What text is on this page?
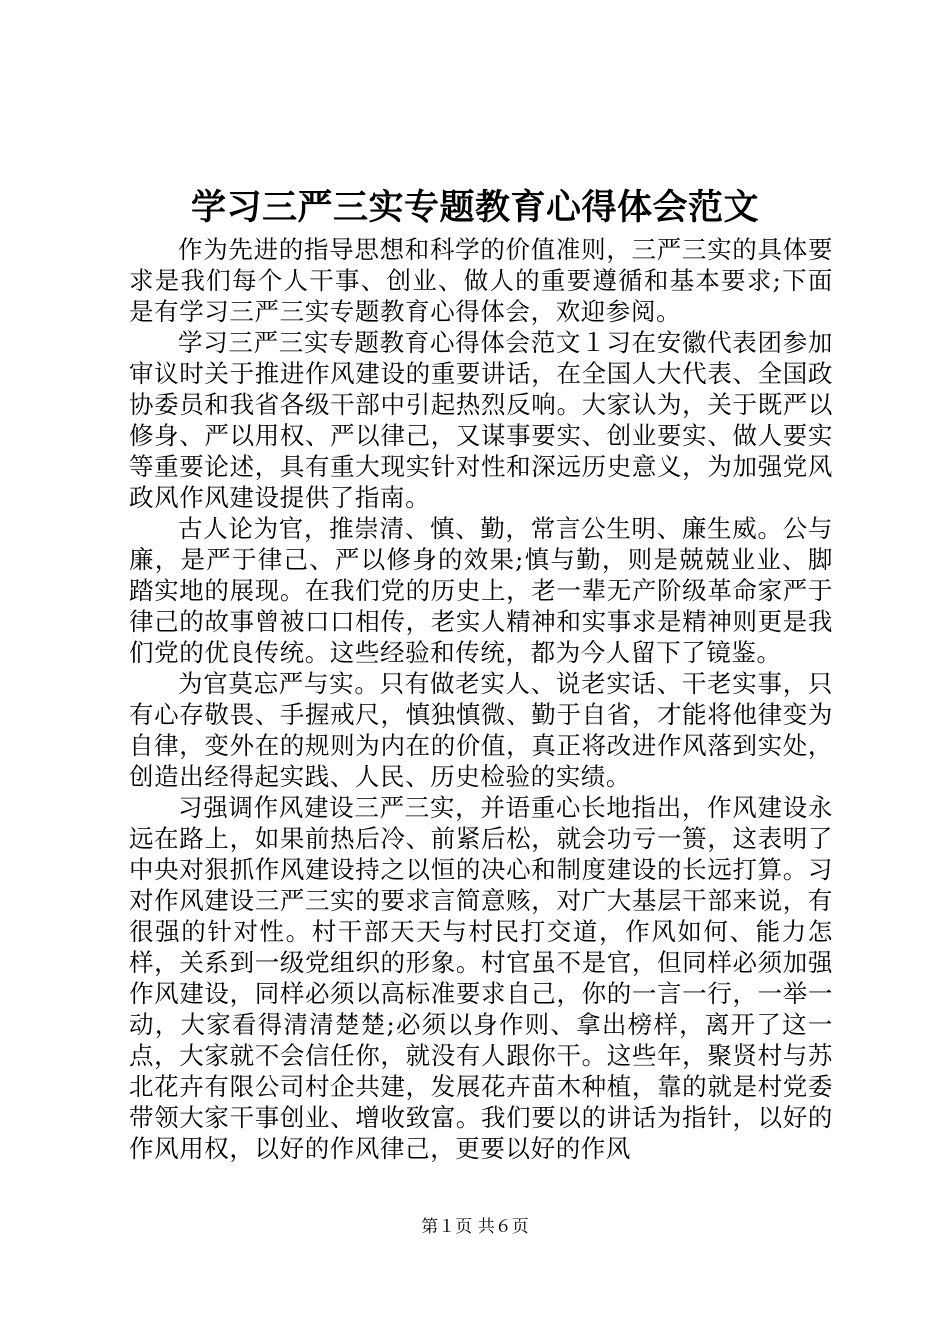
学习三严三实专题教育心得体会范文

作为先进的指导思想和科学的价值准则，三严三实的具体要求是我们每个人干事、创业、做人的重要遵循和基本要求;下面是有学习三严三实专题教育心得体会，欢迎参阅。

学习三严三实专题教育心得体会范文１习在安徽代表团参加审议时关于推进作风建设的重要讲话，在全国人大代表、全国政协委员和我省各级干部中引起热烈反响。大家认为，关于既严以修身、严以用权、严以律己，又谋事要实、创业要实、做人要实等重要论述，具有重大现实针对性和深远历史意义，为加强党风政风作风建设提供了指南。

古人论为官，推崇清、慎、勤，常言公生明、廉生威。公与廉，是严于律己、严以修身的效果;慎与勤，则是兢兢业业、脚踏实地的展现。在我们党的历史上，老一辈无产阶级革命家严于律己的故事曾被口口相传，老实人精神和实事求是精神则更是我们党的优良传统。这些经验和传统，都为今人留下了镜鉴。

为官莫忘严与实。只有做老实人、说老实话、干老实事，只有心存敬畏、手握戒尺，慎独慎微、勤于自省，才能将他律变为自律，变外在的规则为内在的价值，真正将改进作风落到实处，创造出经得起实践、人民、历史检验的实绩。

习强调作风建设三严三实，并语重心长地指出，作风建设永远在路上，如果前热后冷、前紧后松，就会功亏一篑，这表明了中央对狠抓作风建设持之以恒的决心和制度建设的长远打算。习对作风建设三严三实的要求言简意赅，对广大基层干部来说，有很强的针对性。村干部天天与村民打交道，作风如何、能力怎样，关系到一级党组织的形象。村官虽不是官，但同样必须加强作风建设，同样必须以高标准要求自己，你的一言一行，一举一动，大家看得清清楚楚;必须以身作则、拿出榜样，离开了这一点，大家就不会信任你，就没有人跟你干。这些年，聚贤村与苏北花卉有限公司村企共建，发展花卉苗木种植，靠的就是村党委带领大家干事创业、增收致富。我们要以的讲话为指针，以好的作风用权，以好的作风律己，更要以好的作风

第１页 共６页
